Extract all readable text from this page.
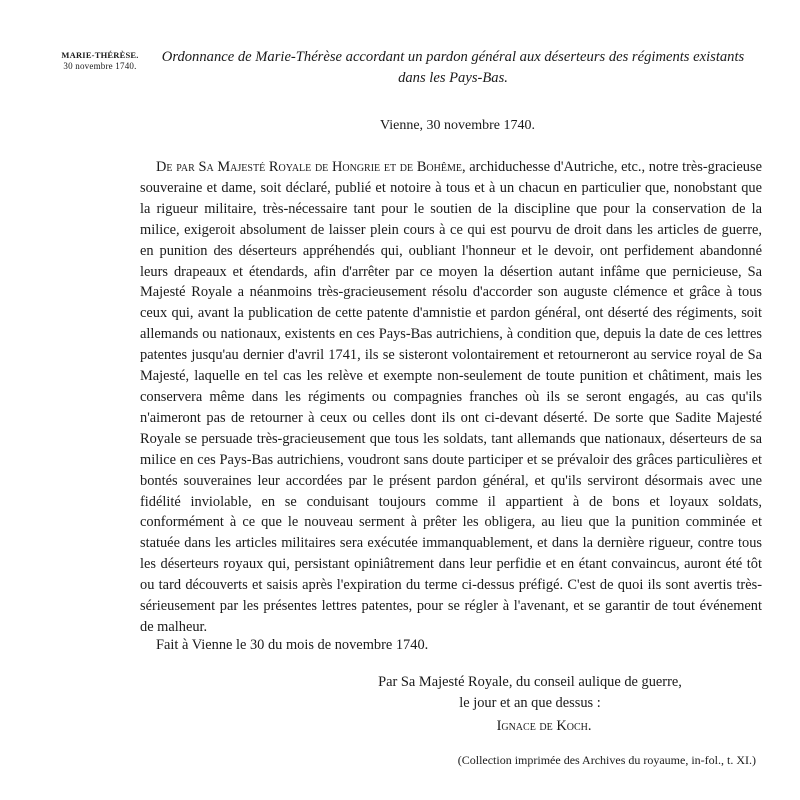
MARIE-THÉRÈSE.
30 novembre 1740.
Ordonnance de Marie-Thérèse accordant un pardon général aux déserteurs des régiments existants dans les Pays-Bas.
Vienne, 30 novembre 1740.

De par Sa Majesté Royale de Hongrie et de Bohême, archiduchesse d'Autriche, etc., notre très-gracieuse souveraine et dame, soit déclaré, publié et notoire à tous et à un chacun en particulier que, nonobstant que la rigueur militaire, très-nécessaire tant pour le soutien de la discipline que pour la conservation de la milice, exigeroit absolument de laisser plein cours à ce qui est pourvu de droit dans les articles de guerre, en punition des déserteurs appréhendés qui, oubliant l'honneur et le devoir, ont perfidement abandonné leurs drapeaux et étendards, afin d'arrêter par ce moyen la désertion autant infâme que pernicieuse, Sa Majesté Royale a néanmoins très-gracieusement résolu d'accorder son auguste clémence et grâce à tous ceux qui, avant la publication de cette patente d'amnistie et pardon général, ont déserté des régiments, soit allemands ou nationaux, existents en ces Pays-Bas autrichiens, à condition que, depuis la date de ces lettres patentes jusqu'au dernier d'avril 1741, ils se sisteront volontairement et retourneront au service royal de Sa Majesté, laquelle en tel cas les relève et exempte non-seulement de toute punition et châtiment, mais les conservera même dans les régiments ou compagnies franches où ils se seront engagés, au cas qu'ils n'aimeront pas de retourner à ceux ou celles dont ils ont ci-devant déserté. De sorte que Sadite Majesté Royale se persuade très-gracieusement que tous les soldats, tant allemands que nationaux, déserteurs de sa milice en ces Pays-Bas autrichiens, voudront sans doute participer et se prévaloir des grâces particulières et bontés souveraines leur accordées par le présent pardon général, et qu'ils serviront désormais avec une fidélité inviolable, en se conduisant toujours comme il appartient à de bons et loyaux soldats, conformément à ce que le nouveau serment à prêter les obligera, au lieu que la punition comminée et statuée dans les articles militaires sera exécutée immanquablement, et dans la dernière rigueur, contre tous les déserteurs royaux qui, persistant opiniâtrement dans leur perfidie et en étant convaincus, auront été tôt ou tard découverts et saisis après l'expiration du terme ci-dessus préfigé. C'est de quoi ils sont avertis très-sérieusement par les présentes lettres patentes, pour se régler à l'avenant, et se garantir de tout événement de malheur.

Fait à Vienne le 30 du mois de novembre 1740.
Par Sa Majesté Royale, du conseil aulique de guerre,
le jour et an que dessus :
Ignace de Koch.
(Collection imprimée des Archives du royaume, in-fol., t. XI.)
